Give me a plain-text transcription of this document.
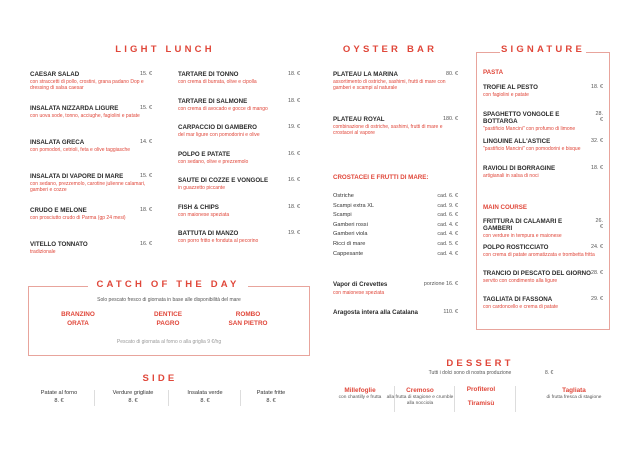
LIGHT LUNCH
CAESAR SALAD	15. €
con straccetti di pollo, crostini, grana padano Dop e dressing di salsa caesar
INSALATA NIZZARDA LIGURE	15. €
con uova sode, tonno, acciughe, fagiolini e patate
INSALATA GRECA	14. €
con pomodori, cetrioli, feta e olive taggiasche
INSALATA DI VAPORE DI MARE	15. €
con sedano, prezzemolo, carotine julienne calamari, gamberi e cozze
CRUDO E MELONE	18. €
con prosciutto crudo di Parma (gp 24 mesi)
VITELLO TONNATO	16. €
tradizionale
TARTARE DI TONNO	18. €
con crema di burrata, olive e cipolla
TARTARE DI SALMONE	18. €
con crema di avocado e gocce di mango
CARPACCIO DI GAMBERO	19. €
del mar ligure con pomodorini e olive
POLPO E PATATE	16. €
con sedano, olive e prezzemolo
SAUTE DI COZZE E VONGOLE	16. €
in guazzetto piccante
FISH & CHIPS	18. €
con maionese speziata
BATTUTA DI MANZO	19. €
con porro fritto e fonduta al pecorino
OYSTER BAR
PLATEAU LA MARINA	80. €
assortimento di ostriche, sashimi, frutti di mare con gamberi e scampi al naturale
PLATEAU ROYAL	180. €
combinazione di ostriche, sashimi, frutti di mare e crostacei al vapore
CROSTACEI E FRUTTI DI MARE:
Ostriche	cad. 6. €
Scampi extra XL	cad. 9. €
Scampi	cad. 6. €
Gamberi rossi	cad. 4. €
Gamberi viola	cad. 4. €
Ricci di mare	cad. 5. €
Cappesante	cad. 4. €
Vapor di Crevettes	porzione 16. €
con maionese speziata
Aragosta intera alla Catalana	110. €
SIGNATURE
PASTA
TROFIE AL PESTO	18. €
con fagiolini e patate
SPAGHETTO VONGOLE E BOTTARGA
28. €
"pastificio Mancini" con profumo di limone
LINGUINE ALL'ASTICE	32. €
"pastificio Mancini" con pomodorini e bisque
RAVIOLI DI BORRAGINE	18. €
artigianali in salsa di noci
MAIN COURSE
FRITTURA DI CALAMARI E GAMBERI
26. €
con verdure in tempura e maionese
POLPO ROSTICCIATO	24. €
con crema di patate aromatizzata e trombetta fritta
TRANCIO DI PESCATO DEL GIORNO 28. €
servito con condimento alla ligure
TAGLIATA DI FASSONA	29. €
con cardoncello e crema di patate
CATCH OF THE DAY
Solo pescato fresco di giornata in base alle disponibilità del mare
BRANZINO
ORATA
DENTICE
PAGRO
ROMBO
SAN PIETRO
Pescato di giornata al forno o alla griglia 9 €/hg
SIDE
Patate al forno
8. €
Verdure grigliate
8. €
Insalata verde
8. €
Patate fritte
8. €
DESSERT
Tutti i dolci sono di nostra produzione	8. €
Millefoglie
con chantilly e frutta
Cremoso
alla frutta di stagione e crumble alla nocciola
Profiterol
Tiramisù
Tagliata
di frutta fresca di stagione
